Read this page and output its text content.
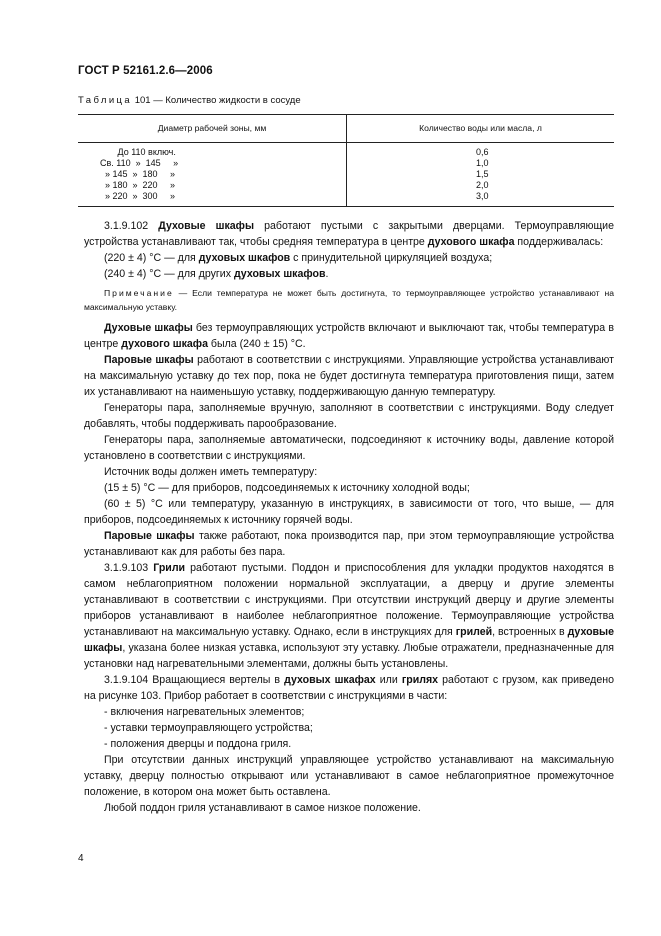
ГОСТ Р 52161.2.6—2006
Таблица 101 — Количество жидкости в сосуде
Диаметр рабочей зоны, мм	Количество воды или масла, л
До 110 включ.	0,6
Св. 110  »  145     »	1,0
» 145  »  180     »	1,5
» 180  »  220     »	2,0
» 220  »  300     »	3,0

3.1.9.102 Духовые шкафы работают пустыми с закрытыми дверцами. Термоуправляющие устройства устанавливают так, чтобы средняя температура в центре духового шкафа поддерживалась:

(220 ± 4) °С — для духовых шкафов с принудительной циркуляцией воздуха;

(240 ± 4) °С — для других духовых шкафов.

Примечание — Если температура не может быть достигнута, то термоуправляющее устройство устанавливают на максимальную уставку.

Духовые шкафы без термоуправляющих устройств включают и выключают так, чтобы температура в центре духового шкафа была (240 ± 15) °С.

Паровые шкафы работают в соответствии с инструкциями. Управляющие устройства устанавливают на максимальную уставку до тех пор, пока не будет достигнута температура приготовления пищи, затем их устанавливают на наименьшую уставку, поддерживающую данную температуру.

Генераторы пара, заполняемые вручную, заполняют в соответствии с инструкциями. Воду следует добавлять, чтобы поддерживать парообразование.

Генераторы пара, заполняемые автоматически, подсоединяют к источнику воды, давление которой установлено в соответствии с инструкциями.

Источник воды должен иметь температуру:

(15 ± 5) °С — для приборов, подсоединяемых к источнику холодной воды;

(60 ± 5) °С или температуру, указанную в инструкциях, в зависимости от того, что выше, — для приборов, подсоединяемых к источнику горячей воды.

Паровые шкафы также работают, пока производится пар, при этом термоуправляющие устройства устанавливают как для работы без пара.

3.1.9.103 Грили работают пустыми. Поддон и приспособления для укладки продуктов находятся в самом неблагоприятном положении нормальной эксплуатации, а дверцу и другие элементы устанавливают в соответствии с инструкциями. При отсутствии инструкций дверцу и другие элементы приборов устанавливают в наиболее неблагоприятное положение. Термоуправляющие устройства устанавливают на максимальную уставку. Однако, если в инструкциях для грилей, встроенных в духовые шкафы, указана более низкая уставка, используют эту уставку. Любые отражатели, предназначенные для установки над нагревательными элементами, должны быть установлены.

3.1.9.104 Вращающиеся вертелы в духовых шкафах или грилях работают с грузом, как приведено на рисунке 103. Прибор работает в соответствии с инструкциями в части:

- включения нагревательных элементов;

- уставки термоуправляющего устройства;

- положения дверцы и поддона гриля.

При отсутствии данных инструкций управляющее устройство устанавливают на максимальную уставку, дверцу полностью открывают или устанавливают в самое неблагоприятное промежуточное положение, в котором она может быть оставлена.

Любой поддон гриля устанавливают в самое низкое положение.

4
